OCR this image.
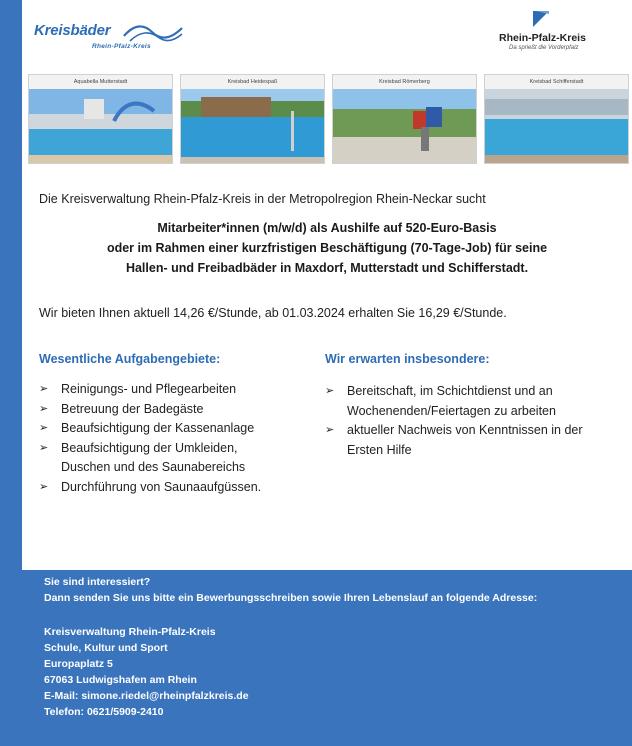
Kreisbäder
Rhein-Pfalz-Kreis
Rhein-Pfalz-Kreis
Da sprießt die Vorderpfalz
Aquabella Mutterstadt	Kreisbad Heidespaß	Kreisbad Römerberg	Kreisbad Schifferstadt

Die Kreisverwaltung Rhein-Pfalz-Kreis in der Metropolregion Rhein-Neckar sucht

Mitarbeiter*innen (m/w/d) als Aushilfe auf 520-Euro-Basis
oder im Rahmen einer kurzfristigen Beschäftigung (70-Tage-Job) für seine
Hallen- und Freibadbäder in Maxdorf, Mutterstadt und Schifferstadt.

Wir bieten Ihnen aktuell 14,26 €/Stunde, ab 01.03.2024 erhalten Sie 16,29 €/Stunde.

Wesentliche Aufgabengebiete:
➢ Reinigungs- und Pflegearbeiten
➢ Betreuung der Badegäste
➢ Beaufsichtigung der Kassenanlage
➢ Beaufsichtigung der Umkleiden, Duschen und des Saunabereichs
➢ Durchführung von Saunaaufgüssen.
Wir erwarten insbesondere:
➢ Bereitschaft, im Schichtdienst und an Wochenenden/Feiertagen zu arbeiten
➢ aktueller Nachweis von Kenntnissen in der Ersten Hilfe
Sie sind interessiert?
Dann senden Sie uns bitte ein Bewerbungsschreiben sowie Ihren Lebenslauf an folgende Adresse:
Kreisverwaltung Rhein-Pfalz-Kreis
Schule, Kultur und Sport
Europaplatz 5
67063 Ludwigshafen am Rhein
E-Mail: simone.riedel@rheinpfalzkreis.de
Telefon: 0621/5909-2410
